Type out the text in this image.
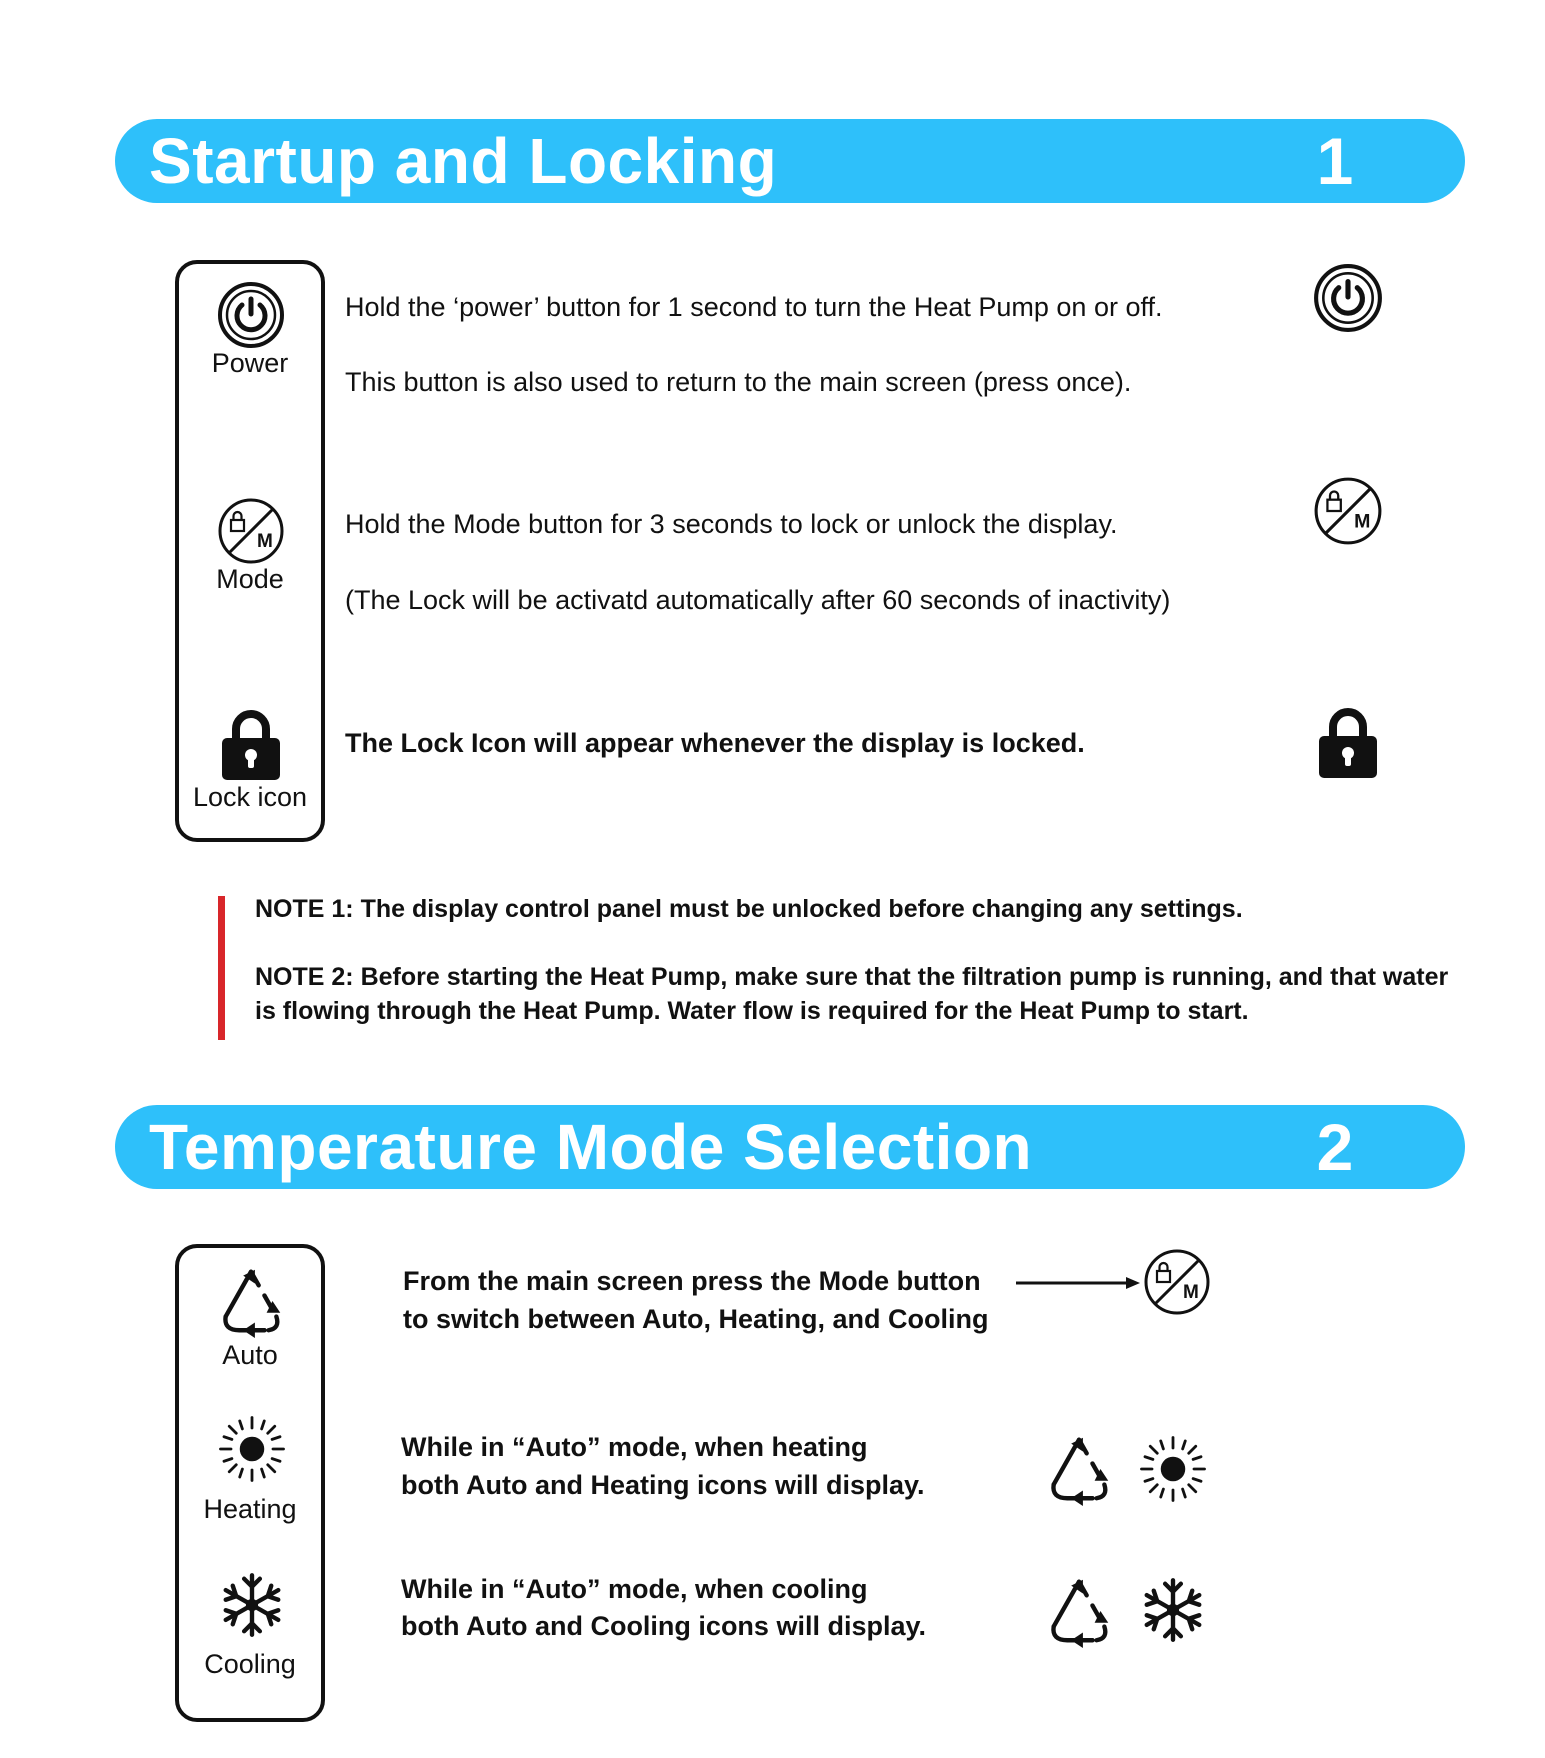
Startup and Locking	1
Power
Mode
Lock icon
Hold the ‘power’ button for 1 second to turn the Heat Pump on or off.
This button is also used to return to the main screen (press once).
Hold the Mode button for 3 seconds to lock or unlock the display.
(The Lock will be activatd automatically after 60 seconds of inactivity)
The Lock Icon will appear whenever the display is locked.
NOTE 1: The display control panel must be unlocked before changing any settings.
NOTE 2: Before starting the Heat Pump, make sure that the filtration pump is running, and that water is flowing through the Heat Pump. Water flow is required for the Heat Pump to start.
Temperature Mode Selection	2
Auto
Heating
Cooling
From the main screen press the Mode button
to switch between Auto, Heating, and Cooling
While in “Auto” mode, when heating
both Auto and Heating icons will display.
While in “Auto” mode, when cooling
both Auto and Cooling icons will display.
